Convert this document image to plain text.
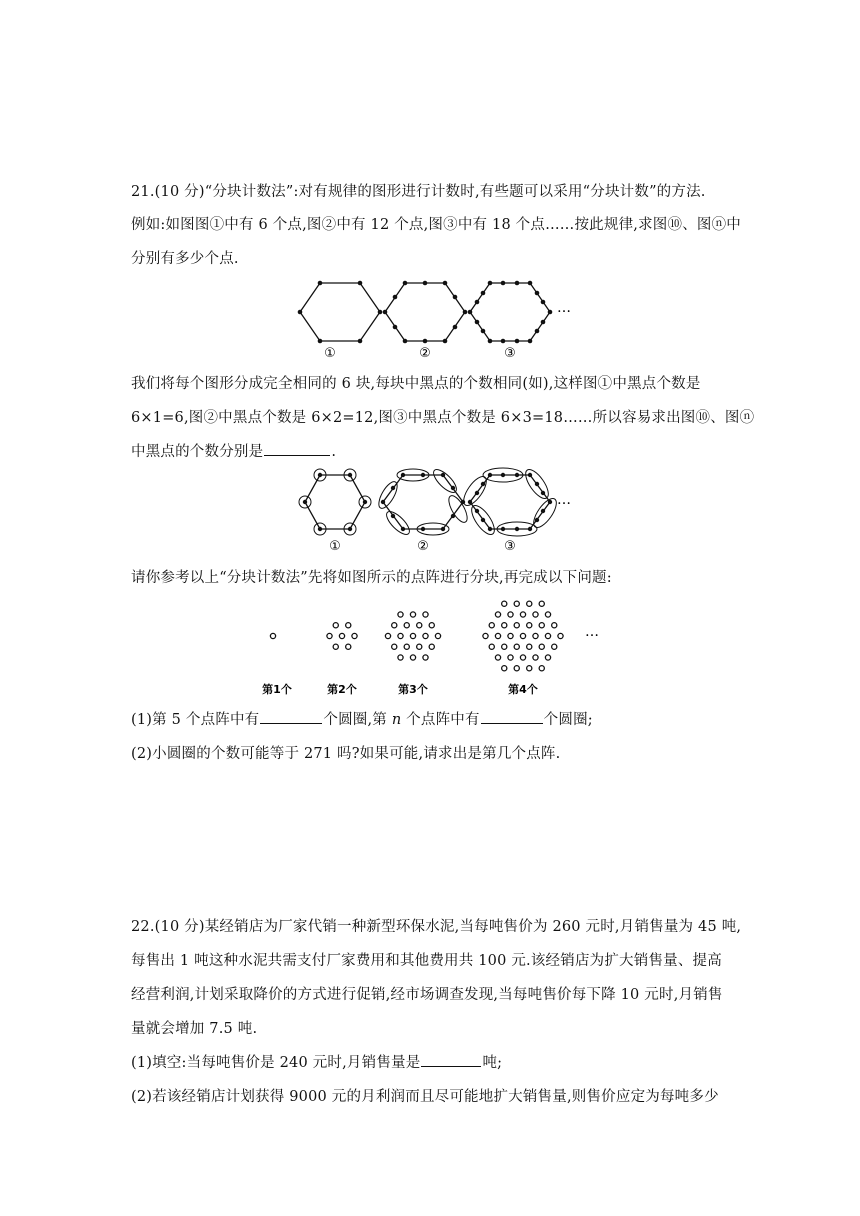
21.(10 分)“分块计数法”:对有规律的图形进行计数时,有些题可以采用“分块计数”的方法.
例如:如图图①中有 6 个点,图②中有 12 个点,图③中有 18 个点……按此规律,求图⑩、图ⓝ中
分别有多少个点.
…
①	②	③
我们将每个图形分成完全相同的 6 块,每块中黑点的个数相同(如),这样图①中黑点个数是
6×1=6,图②中黑点个数是 6×2=12,图③中黑点个数是 6×3=18……所以容易求出图⑩、图ⓝ
中黑点的个数分别是	.
…
①	②	③
请你参考以上“分块计数法”先将如图所示的点阵进行分块,再完成以下问题:
…
第1个	第2个	第3个	第4个
(1)第 5 个点阵中有	个圆圈,第 n 个点阵中有	个圆圈;
(2)小圆圈的个数可能等于 271 吗?如果可能,请求出是第几个点阵.
22.(10 分)某经销店为厂家代销一种新型环保水泥,当每吨售价为 260 元时,月销售量为 45 吨,
每售出 1 吨这种水泥共需支付厂家费用和其他费用共 100 元.该经销店为扩大销售量、提高
经营利润,计划采取降价的方式进行促销,经市场调查发现,当每吨售价每下降 10 元时,月销售
量就会增加 7.5 吨.
(1)填空:当每吨售价是 240 元时,月销售量是	吨;
(2)若该经销店计划获得 9000 元的月利润而且尽可能地扩大销售量,则售价应定为每吨多少
